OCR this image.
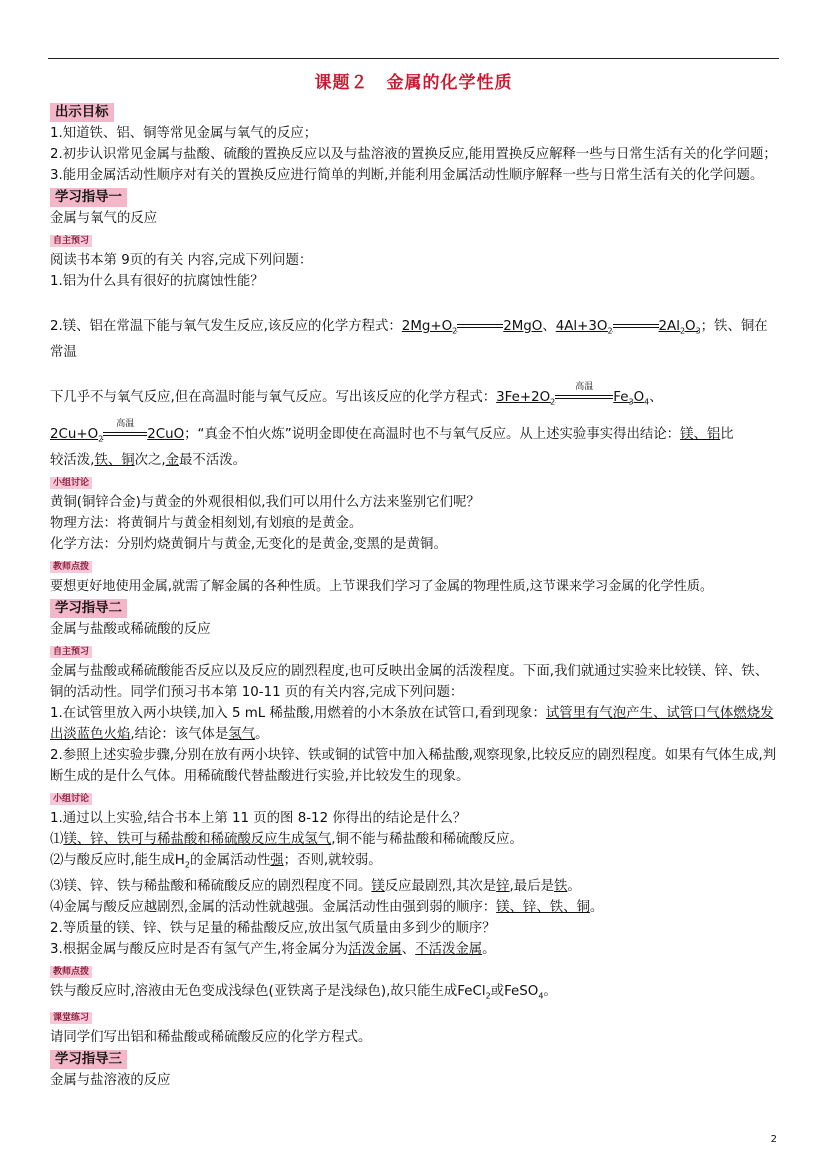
课题２　金属的化学性质
出示目标

1.知道铁、铝、铜等常见金属与氧气的反应；

2.初步认识常见金属与盐酸、硫酸的置换反应以及与盐溶液的置换反应,能用置换反应解释一些与日常生活有关的化学问题；

3.能用金属活动性顺序对有关的置换反应进行简单的判断,并能利用金属活动性顺序解释一些与日常生活有关的化学问题。

学习指导一

金属与氧气的反应

自主预习

阅读书本第 9页的有关 内容,完成下列问题：

1.铝为什么具有很好的抗腐蚀性能？

2.镁、铝在常温下能与氧气发生反应,该反应的化学方程式：$2Mg+O_2$	2MgO、$4Al+3O_2$	$2Al_2O_3$；铁、铜在常温

下几乎不与氧气反应,但在高温时能与氧气反应。写出该反应的化学方程式：$3Fe+2O_2$
高温
$Fe_3O_4$、

$2Cu+O_2$
高温
2CuO；“真金不怕火炼”说明金即使在高温时也不与氧气反应。从上述实验事实得出结论：镁、铝比

较活泼,铁、铜次之,金最不活泼。

小组讨论

黄铜(铜锌合金)与黄金的外观很相似,我们可以用什么方法来鉴别它们呢？

物理方法：将黄铜片与黄金相刻划,有划痕的是黄金。

化学方法：分别灼烧黄铜片与黄金,无变化的是黄金,变黑的是黄铜。

教师点拨

要想更好地使用金属,就需了解金属的各种性质。上节课我们学习了金属的物理性质,这节课来学习金属的化学性质。

学习指导二

金属与盐酸或稀硫酸的反应

自主预习

金属与盐酸或稀硫酸能否反应以及反应的剧烈程度,也可反映出金属的活泼程度。下面,我们就通过实验来比较镁、锌、铁、铜的活动性。同学们预习书本第 10-11 页的有关内容,完成下列问题：

1.在试管里放入两小块镁,加入 5 mL 稀盐酸,用燃着的小木条放在试管口,看到现象：试管里有气泡产生、试管口气体燃烧发出淡蓝色火焰,结论：该气体是氢气。

2.参照上述实验步骤,分别在放有两小块锌、铁或铜的试管中加入稀盐酸,观察现象,比较反应的剧烈程度。如果有气体生成,判断生成的是什么气体。用稀硫酸代替盐酸进行实验,并比较发生的现象。

小组讨论

1.通过以上实验,结合书本上第 11 页的图 8-12 你得出的结论是什么？

⑴镁、锌、铁可与稀盐酸和稀硫酸反应生成氢气,铜不能与稀盐酸和稀硫酸反应。

⑵与酸反应时,能生成$H_2$的金属活动性强；否则,就较弱。

⑶镁、锌、铁与稀盐酸和稀硫酸反应的剧烈程度不同。镁反应最剧烈,其次是锌,最后是铁。

⑷金属与酸反应越剧烈,金属的活动性就越强。金属活动性由强到弱的顺序：镁、锌、铁、铜。

2.等质量的镁、锌、铁与足量的稀盐酸反应,放出氢气质量由多到少的顺序？

3.根据金属与酸反应时是否有氢气产生,将金属分为活泼金属、不活泼金属。

教师点拨

铁与酸反应时,溶液由无色变成浅绿色(亚铁离子是浅绿色),故只能生成FeCl$_2$或FeSO$_4$。

课堂练习

请同学们写出铝和稀盐酸或稀硫酸反应的化学方程式。

学习指导三

金属与盐溶液的反应

2
